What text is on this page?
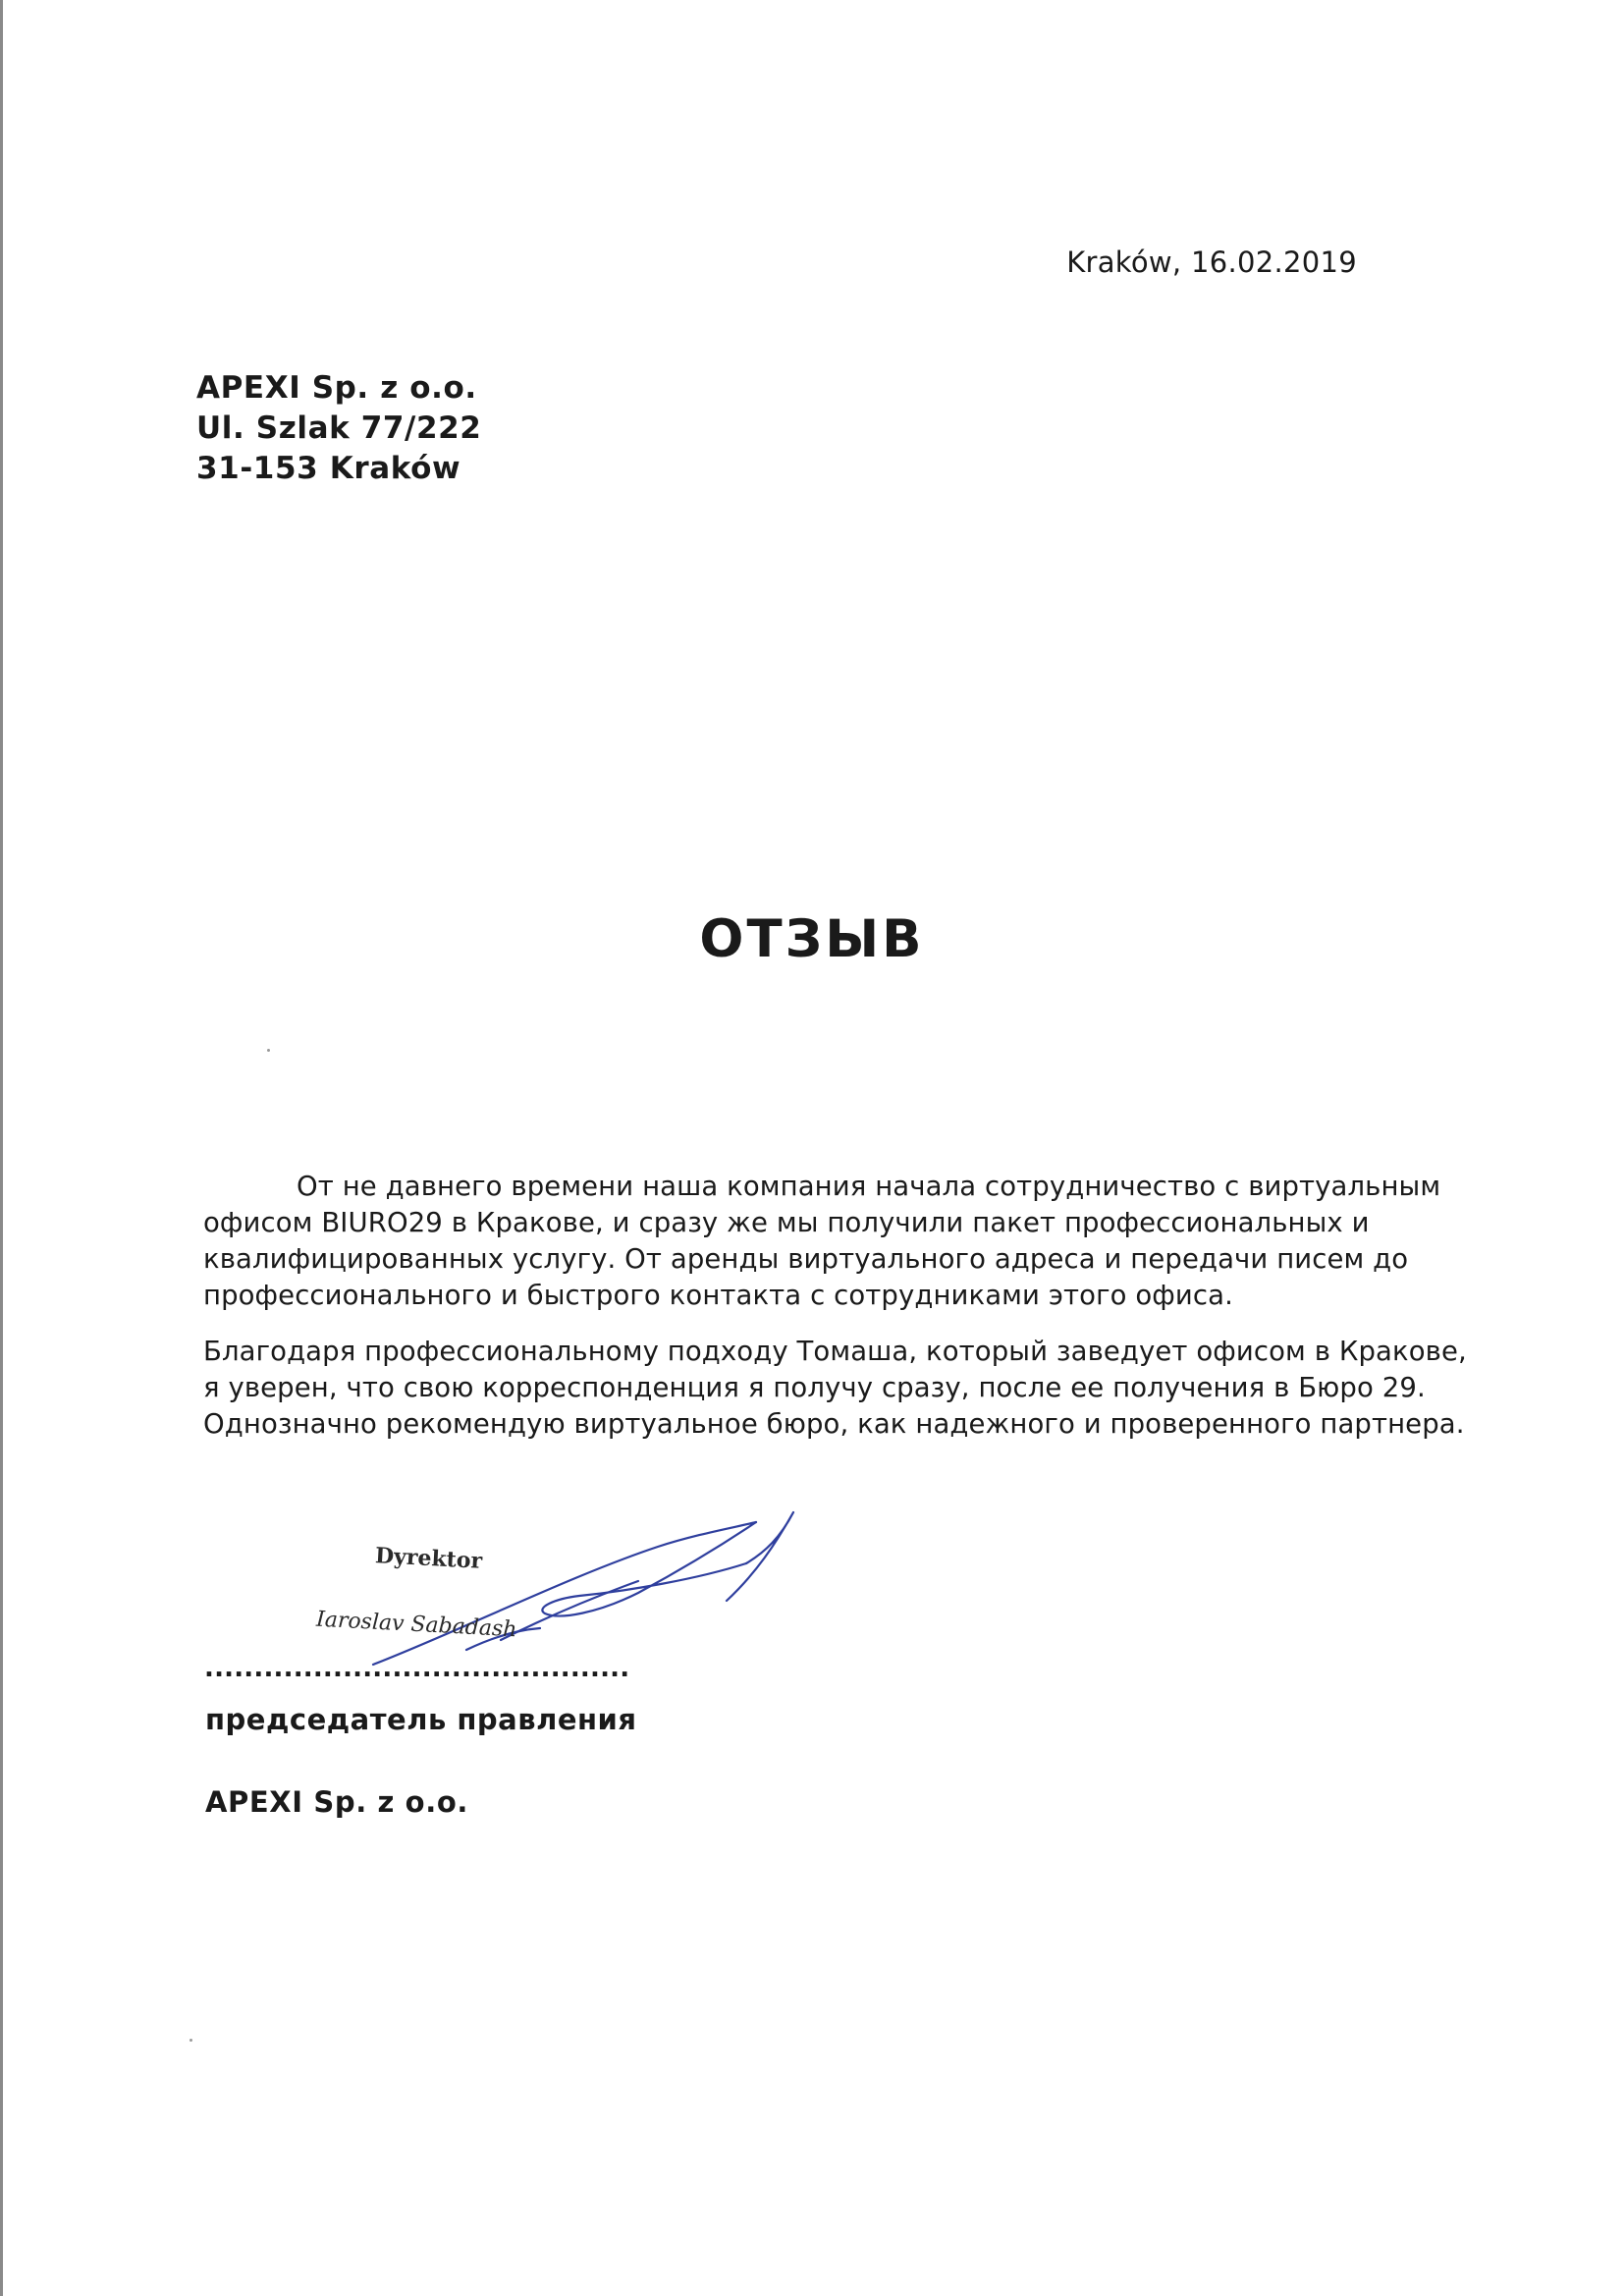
Kraków, 16.02.2019
APEXI Sp. z o.o.
Ul. Szlak 77/222
31-153 Kraków
ОТЗЫВ

От не давнего времени наша компания начала сотрудничество с виртуальным
офисом BIURO29 в Кракове, и сразу же мы получили пакет профессиональных и
квалифицированных услугу. От аренды виртуального адреса и передачи писем до
профессионального и быстрого контакта с сотрудниками этого офиса.

Благодаря профессиональному подходу Томаша, который заведует офисом в Кракове,
я уверен, что свою корреспонденция я получу сразу, после ее получения в Бюро 29.
Однозначно рекомендую виртуальное бюро, как надежного и проверенного партнера.

Dyrektor
Iaroslav Sabadash
...........................................
председатель правления
APEXI Sp. z o.o.
